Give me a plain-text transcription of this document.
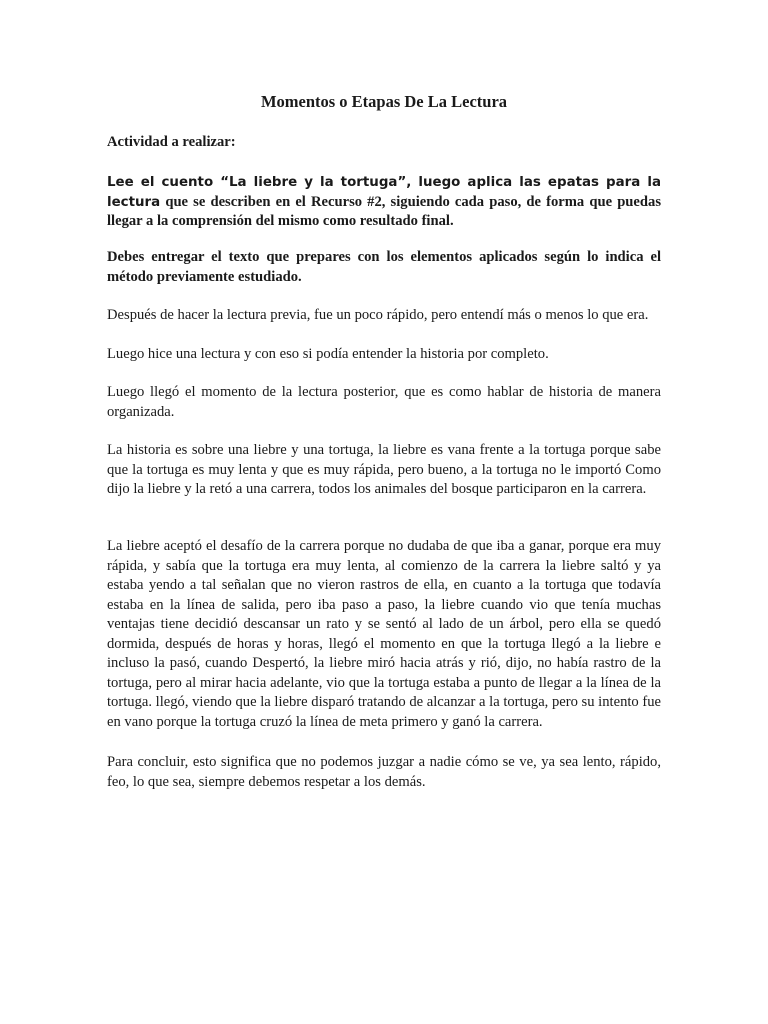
Momentos o Etapas De La Lectura

Actividad a realizar:

Lee el cuento “La liebre y la tortuga”, luego aplica las epatas para la lectura que se describen en el Recurso #2, siguiendo cada paso, de forma que puedas llegar a la comprensión del mismo como resultado final.

Debes entregar el texto que prepares con los elementos aplicados según lo indica el método previamente estudiado.

Después de hacer la lectura previa, fue un poco rápido, pero entendí más o menos lo que era.

Luego hice una lectura y con eso si podía entender la historia por completo.

Luego llegó el momento de la lectura posterior, que es como hablar de historia de manera organizada.

La historia es sobre una liebre y una tortuga, la liebre es vana frente a la tortuga porque sabe que la tortuga es muy lenta y que es muy rápida, pero bueno, a la tortuga no le importó Como dijo la liebre y la retó a una carrera, todos los animales del bosque participaron en la carrera.

La liebre aceptó el desafío de la carrera porque no dudaba de que iba a ganar, porque era muy rápida, y sabía que la tortuga era muy lenta, al comienzo de la carrera la liebre saltó y ya estaba yendo a tal señalan que no vieron rastros de ella, en cuanto a la tortuga que todavía estaba en la línea de salida, pero iba paso a paso, la liebre cuando vio que tenía muchas ventajas tiene decidió descansar un rato y se sentó al lado de un árbol, pero ella se quedó dormida, después de horas y horas, llegó el momento en que la tortuga llegó a la liebre e incluso la pasó, cuando Despertó, la liebre miró hacia atrás y rió, dijo, no había rastro de la tortuga, pero al mirar hacia adelante, vio que la tortuga estaba a punto de llegar a la línea de la tortuga. llegó, viendo que la liebre disparó tratando de alcanzar a la tortuga, pero su intento fue en vano porque la tortuga cruzó la línea de meta primero y ganó la carrera.

Para concluir, esto significa que no podemos juzgar a nadie cómo se ve, ya sea lento, rápido, feo, lo que sea, siempre debemos respetar a los demás.
